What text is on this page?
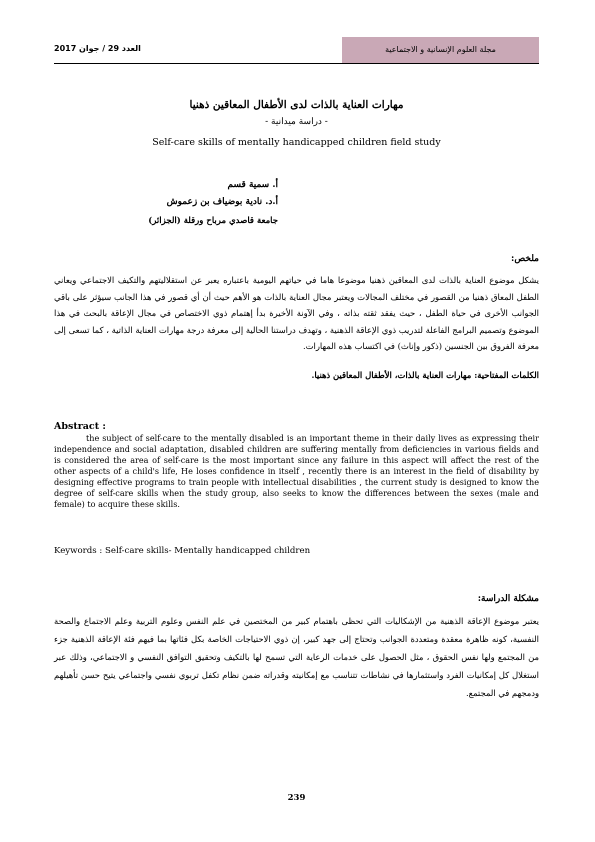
مجلة العلوم الإنسانية و الاجتماعية
العدد 29 / جوان 2017
مهارات العناية بالذات لدى الأطفال المعاقين ذهنيا
- دراسة ميدانية -
Self-care skills of mentally handicapped children field study
أ. سمية قسم
أ.د. نادية بوضياف بن زعموش
جامعة قاصدي مرباح ورقلة (الجزائر)
ملخص:
يشكل موضوع العناية بالذات لدى المعاقين ذهنيا موضوعا هاما في حياتهم اليومية باعتباره يعبر عن استقلاليتهم والتكيف الاجتماعي ويعاني الطفل المعاق ذهنيا من القصور في مختلف المجالات ويعتبر مجال العناية بالذات هو الأهم حيث أن أي قصور في هذا الجانب سيؤثر على باقي الجوانب الأخرى في حياة الطفل ، حيث يفقد ثقته بذاته ، وفي الآونة الأخيرة بدأ إهتمام ذوي الاختصاص في مجال الإعاقة بالبحث في هذا الموضوع وتصميم البرامج الفاعلة لتدريب ذوي الإعاقة الذهنية ، وتهدف دراستنا الحالية إلى معرفة درجة مهارات العناية الذاتية ، كما تسعى إلى معرفة الفروق بين الجنسين (ذكور وإناث) في اكتساب هذه المهارات.
الكلمات المفتاحية: مهارات العناية بالذات، الأطفال المعاقين ذهنيا.
Abstract :

the subject of self-care to the mentally disabled is an important theme in their daily lives as expressing their independence and social adaptation, disabled children are suffering mentally from deficiencies in various fields and is considered the area of self-care is the most important since any failure in this aspect will affect the rest of the other aspects of a child's life, He loses confidence in itself , recently there is an interest in the field of disability by designing effective programs to train people with intellectual disabilities , the current study is designed to know the degree of self-care skills when the study group, also seeks to know the differences between the sexes (male and female) to acquire these skills.

Keywords : Self-care skills- Mentally handicapped children
مشكلة الدراسة:
يعتبر موضوع الإعاقة الذهنية من الإشكاليات التي تحظى باهتمام كبير من المختصين في علم النفس وعلوم التربية وعلم الاجتماع والصحة النفسية، كونه ظاهرة معقدة ومتعددة الجوانب وتحتاج إلى جهد كبير، إن ذوي الاحتياجات الخاصة بكل فئاتها بما فيهم فئة الإعاقة الذهنية جزء من المجتمع ولها نفس الحقوق ، مثل الحصول على خدمات الرعاية التي تسمح لها بالتكيف وتحقيق التوافق النفسي و الاجتماعي، وذلك عبر استغلال كل إمكانيات الفرد واستثمارها في نشاطات تتناسب مع إمكانيته وقدراته ضمن نظام تكفل تربوي نفسي واجتماعي يتيح حسن تأهيلهم ودمجهم في المجتمع.
239
